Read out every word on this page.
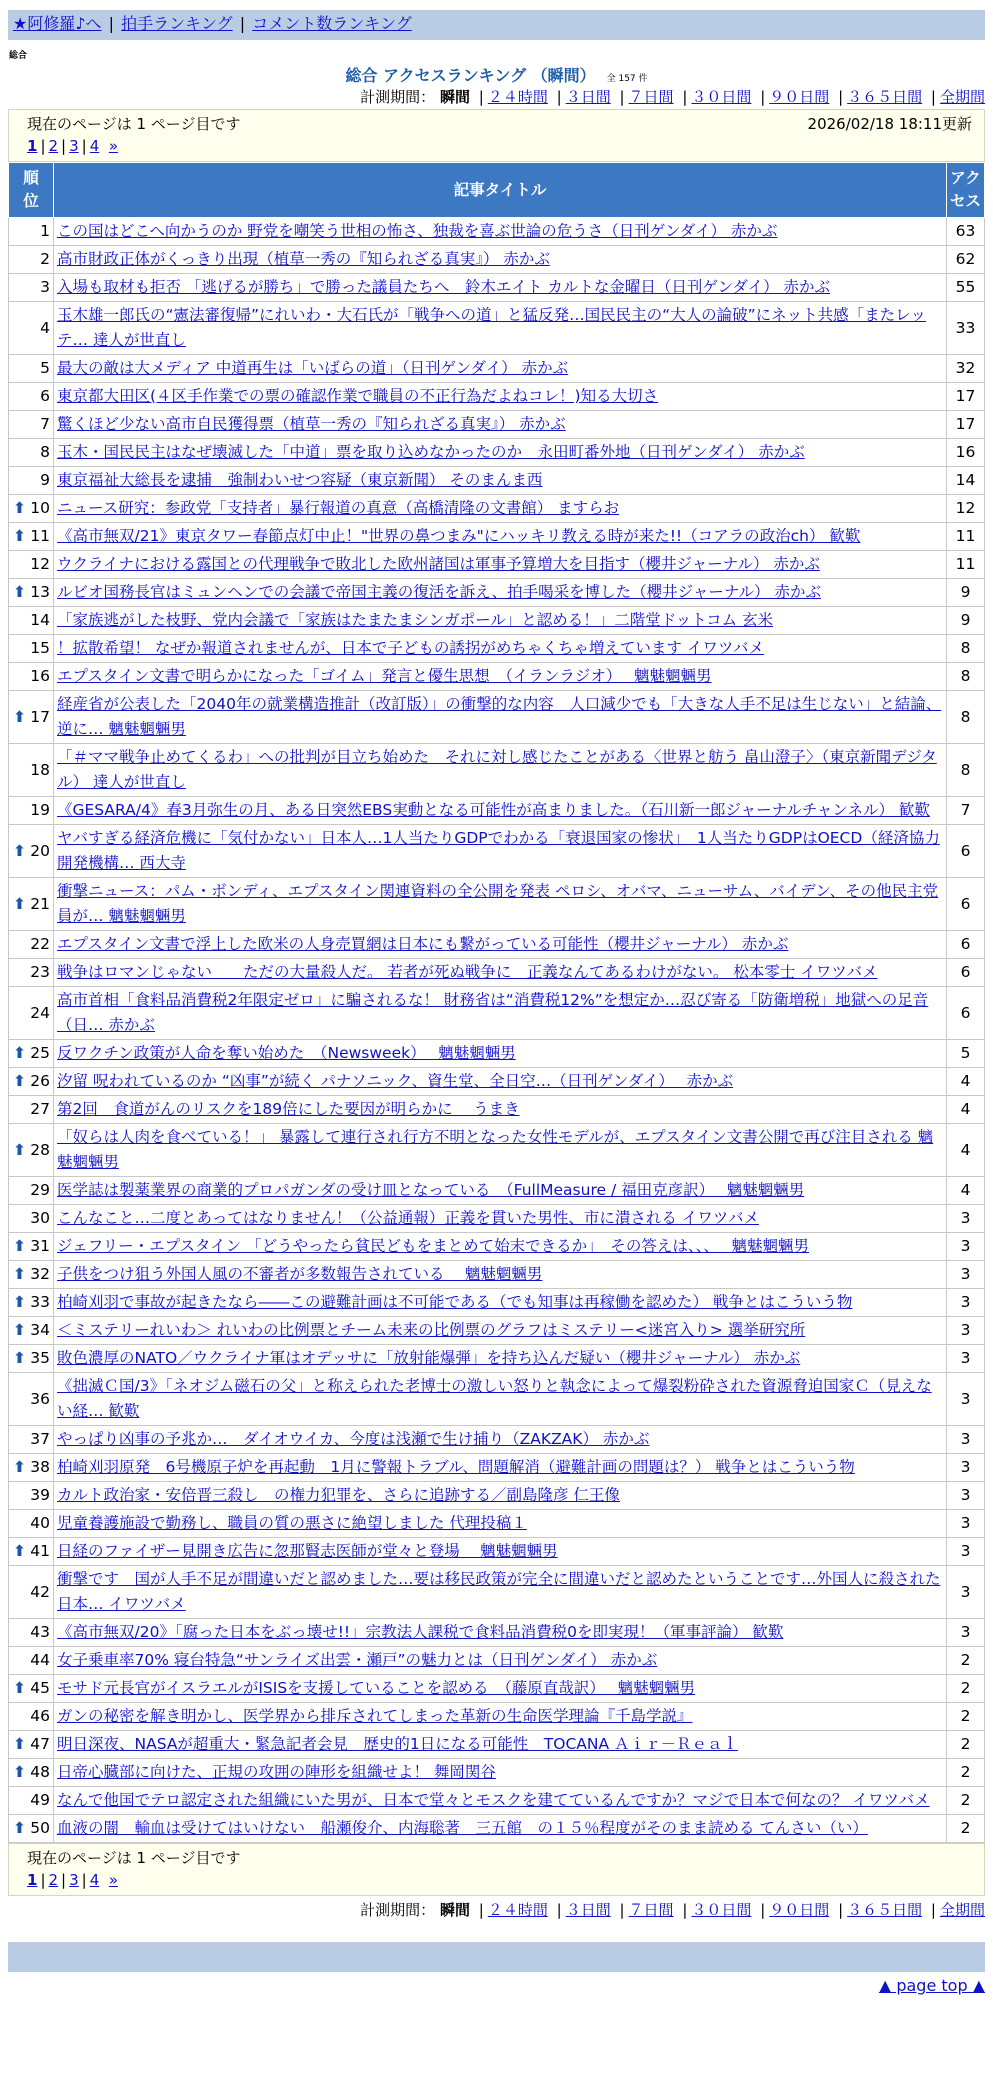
★阿修羅♪へ | 拍手ランキング | コメント数ランキング
総合
総合 アクセスランキング （瞬間） 全 157 件
計測期間： 瞬間 | ２４時間 | ３日間 | ７日間 | ３０日間 | ９０日間 | ３６５日間 | 全期間
現在のページは 1 ページ目です	2026/02/18 18:11更新
1 | 2 | 3 | 4 »
順位	記事タイトル	アクセス
1	この国はどこへ向かうのか 野党を嘲笑う世相の怖さ、独裁を喜ぶ世論の危うさ（日刊ゲンダイ） 赤かぶ	63
2	高市財政正体がくっきり出現（植草一秀の『知られざる真実』） 赤かぶ	62
3	入場も取材も拒否 「逃げるが勝ち」で勝った議員たちへ　鈴木エイト カルトな金曜日（日刊ゲンダイ） 赤かぶ	55
4	玉木雄一郎氏の“憲法審復帰”にれいわ・大石氏が「戦争への道」と猛反発…国民民主の“大人の論破”にネット共感「またレッテ… 達人が世直し	33
5	最大の敵は大メディア 中道再生は「いばらの道」（日刊ゲンダイ） 赤かぶ	32
6	東京都大田区(４区手作業での票の確認作業で職員の不正行為だよねコレ！)知る大切さ	17
7	驚くほど少ない高市自民獲得票（植草一秀の『知られざる真実』） 赤かぶ	17
8	玉木・国民民主はなぜ壊滅した「中道」票を取り込めなかったのか　永田町番外地（日刊ゲンダイ） 赤かぶ	16
9	東京福祉大総長を逮捕　強制わいせつ容疑（東京新聞） そのまんま西	14

⬆ 10	ニュース研究：参政党「支持者」暴行報道の真意（高橋清隆の文書館） ますらお	12

⬆ 11	《高市無双/21》東京タワー春節点灯中止！"世界の鼻つまみ"にハッキリ教える時が来た!!（コアラの政治ch） 歓歎	11
12	ウクライナにおける露国との代理戦争で敗北した欧州諸国は軍事予算増大を目指す（櫻井ジャーナル） 赤かぶ	11

⬆ 13	ルビオ国務長官はミュンヘンでの会議で帝国主義の復活を訴え、拍手喝采を博した（櫻井ジャーナル） 赤かぶ	9
14	「家族逃がした枝野、党内会議で「家族はたまたまシンガポール」と認める！」二階堂ドットコム 玄米	9
15	！拡散希望！ なぜか報道されませんが、日本で子どもの誘拐がめちゃくちゃ増えています イワツバメ	8
16	エプスタイン文書で明らかになった「ゴイム」発言と優生思想　（イランラジオ）　 魑魅魍魎男	8

⬆ 17	経産省が公表した「2040年の就業構造推計（改訂版）」の衝撃的な内容　人口減少でも「大きな人手不足は生じない」と結論、逆に… 魑魅魍魎男	8
18	「＃ママ戦争止めてくるわ」への批判が目立ち始めた　それに対し感じたことがある〈世界と舫う 畠山澄子〉（東京新聞デジタル） 達人が世直し	8
19	《GESARA/4》春3月弥生の月、ある日突然EBS実動となる可能性が高まりました。（石川新一郎ジャーナルチャンネル） 歓歎	7

⬆ 20	ヤバすぎる経済危機に「気付かない」日本人…1人当たりGDPでわかる「衰退国家の惨状」　1人当たりGDPはOECD（経済協力開発機構… 西大寺	6

⬆ 21	衝撃ニュース：パム・ボンディ、エプスタイン関連資料の全公開を発表 ペロシ、オバマ、ニューサム、バイデン、その他民主党員が… 魑魅魍魎男	6
22	エプスタイン文書で浮上した欧米の人身売買網は日本にも繋がっている可能性（櫻井ジャーナル） 赤かぶ	6
23	戦争はロマンじゃない　　ただの大量殺人だ。 若者が死ぬ戦争に　正義なんてあるわけがない。 松本零士 イワツバメ	6
24	高市首相「食料品消費税2年限定ゼロ」に騙されるな！ 財務省は“消費税12%”を想定か…忍び寄る「防衛増税」地獄への足音（日… 赤かぶ	6

⬆ 25	反ワクチン政策が人命を奪い始めた　（Newsweek）　 魑魅魍魎男	5

⬆ 26	汐留 呪われているのか “凶事”が続く パナソニック、資生堂、全日空…（日刊ゲンダイ）　 赤かぶ	4
27	第2回　食道がんのリスクを189倍にした要因が明らかに　 うまき	4

⬆ 28	「奴らは人肉を食べている！」 暴露して連行され行方不明となった女性モデルが、エプスタイン文書公開で再び注目される 魑魅魍魎男	4
29	医学誌は製薬業界の商業的プロパガンダの受け皿となっている　（FullMeasure / 福田克彦訳）　 魑魅魍魎男	4
30	こんなこと…二度とあってはなりません！（公益通報）正義を貫いた男性、市に潰される イワツバメ	3

⬆ 31	ジェフリー・エプスタイン 「どうやったら貧民どもをまとめて始末できるか」　その答えは、、、　 魑魅魍魎男	3

⬆ 32	子供をつけ狙う外国人風の不審者が多数報告されている　 魑魅魍魎男	3

⬆ 33	柏崎刈羽で事故が起きたなら――この避難計画は不可能である（でも知事は再稼働を認めた） 戦争とはこういう物	3

⬆ 34	＜ミステリーれいわ＞ れいわの比例票とチーム未来の比例票のグラフはミステリー<迷宮入り> 選挙研究所	3

⬆ 35	敗色濃厚のNATO／ウクライナ軍はオデッサに「放射能爆弾」を持ち込んだ疑い（櫻井ジャーナル） 赤かぶ	3
36	《拙滅Ｃ国/3》「ネオジム磁石の父」と称えられた老博士の激しい怒りと執念によって爆裂粉砕された資源脅迫国家Ｃ（見えない経… 歓歎	3
37	やっぱり凶事の予兆か…　ダイオウイカ、今度は浅瀬で生け捕り（ZAKZAK） 赤かぶ	3

⬆ 38	柏崎刈羽原発　6号機原子炉を再起動　1月に警報トラブル、問題解消（避難計画の問題は？） 戦争とはこういう物	3
39	カルト政治家・安倍晋三殺し　の権力犯罪を、さらに追跡する／副島隆彦 仁王像	3
40	児童養護施設で勤務し、職員の質の悪さに絶望しました 代理投稿１	3

⬆ 41	日経のファイザー見開き広告に忽那賢志医師が堂々と登場　 魑魅魍魎男	3
42	衝撃です　国が人手不足が間違いだと認めました…要は移民政策が完全に間違いだと認めたということです…外国人に殺された日本… イワツバメ	3
43	《高市無双/20》「腐った日本をぶっ壊せ!!」宗教法人課税で食料品消費税0を即実現！（軍事評論） 歓歎	3
44	女子乗車率70% 寝台特急“サンライズ出雲・瀬戸”の魅力とは（日刊ゲンダイ） 赤かぶ	2

⬆ 45	モサド元長官がイスラエルがISISを支援していることを認める　（藤原直哉訳）　 魑魅魍魎男	2
46	ガンの秘密を解き明かし、医学界から排斥されてしまった革新の生命医学理論『千島学説』	2

⬆ 47	明日深夜、NASAが超重大・緊急記者会見　歴史的1日になる可能性　TOCANA Ａｉｒ－Ｒｅａｌ	2

⬆ 48	日帝心臓部に向けた、正規の攻囲の陣形を組織せよ！ 舞岡関谷	2
49	なんで他国でテロ認定された組織にいた男が、日本で堂々とモスクを建てているんですか？マジで日本で何なの？ イワツバメ	2

⬆ 50	血液の闇　輸血は受けてはいけない　船瀬俊介、内海聡著　三五館　の１５％程度がそのまま読める てんさい（い）	2
現在のページは 1 ページ目です
1 | 2 | 3 | 4 »
計測期間： 瞬間 | ２４時間 | ３日間 | ７日間 | ３０日間 | ９０日間 | ３６５日間 | 全期間
▲ page top ▲
